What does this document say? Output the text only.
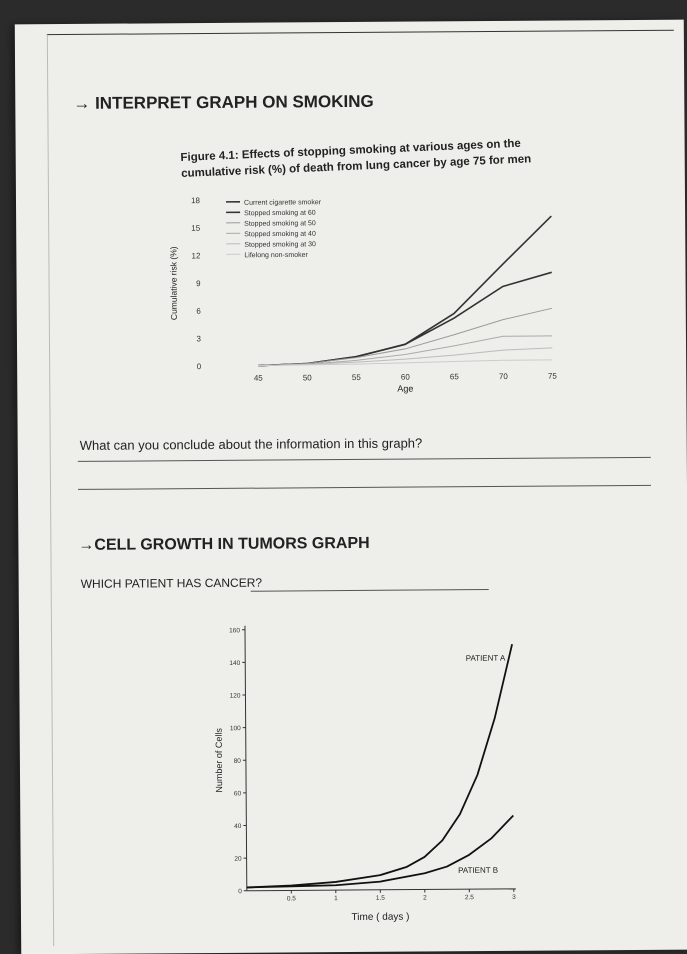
→ INTERPRET GRAPH ON SMOKING
Figure 4.1: Effects of stopping smoking at various ages on the cumulative risk (%) of death from lung cancer by age 75 for men
0
3
6
9
12
15
18
45	50	55	60	65	70	75
Age
Cumulative risk (%)
Current cigarette smoker
Stopped smoking at 60
Stopped smoking at 50
Stopped smoking at 40
Stopped smoking at 30
Lifelong non-smoker
What can you conclude about the information in this graph?
→CELL GROWTH IN TUMORS GRAPH
WHICH PATIENT HAS CANCER?
0
20
40
60
80
100
120
140
160
0.5	1	1.5	2	2.5	3
Time ( days )
Number of Cells
PATIENT A
PATIENT B
